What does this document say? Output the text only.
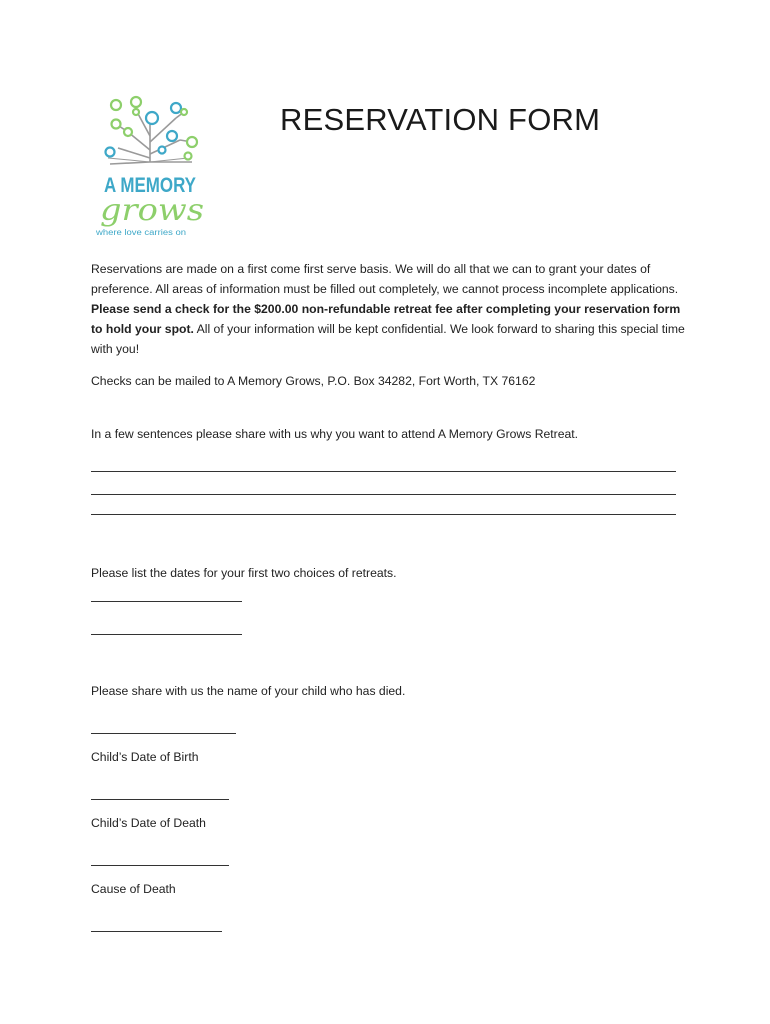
A MEMORY
grows
where love carries on
RESERVATION FORM
Reservations are made on a first come first serve basis. We will do all that we can to grant your dates of preference. All areas of information must be filled out completely, we cannot process incomplete applications. Please send a check for the $200.00 non-refundable retreat fee after completing your reservation form to hold your spot. All of your information will be kept confidential. We look forward to sharing this special time with you!
Checks can be mailed to A Memory Grows, P.O. Box 34282, Fort Worth, TX 76162
In a few sentences please share with us why you want to attend A Memory Grows Retreat.
Please list the dates for your first two choices of retreats.
Please share with us the name of your child who has died.
Child’s Date of Birth
Child’s Date of Death
Cause of Death
